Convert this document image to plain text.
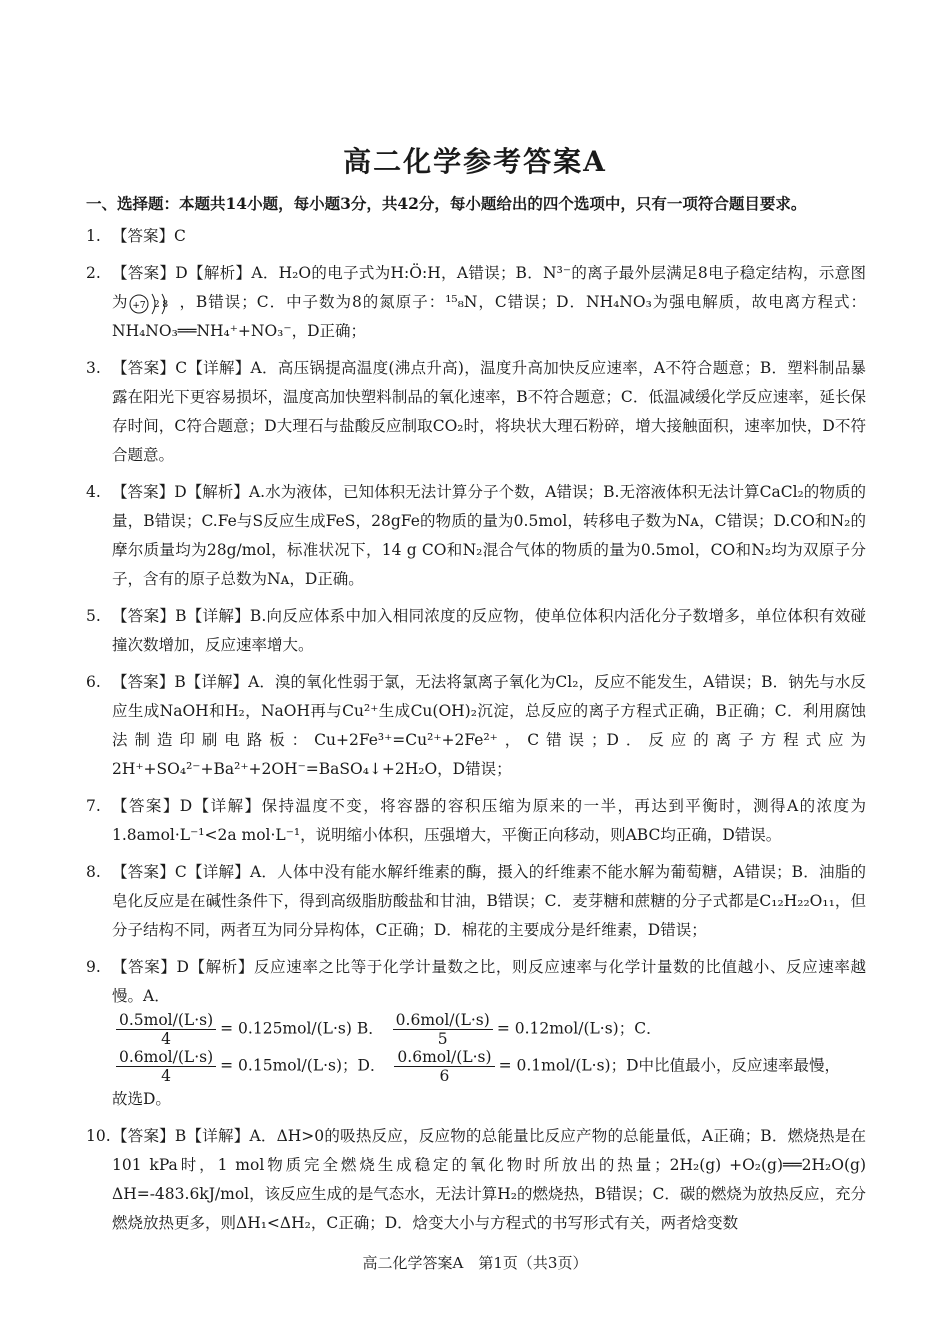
高二化学参考答案A
一、选择题：本题共14小题，每小题3分，共42分，每小题给出的四个选项中，只有一项符合题目要求。
1. 【答案】C
2. 【答案】D【解析】A．H₂O的电子式为H:Ö:H，A错误；B．N³⁻的离子最外层满足8电子稳定结构，示意图为 +7 2 8 ，B错误；C．中子数为8的氮原子：¹⁵₈N，C错误；D．NH₄NO₃为强电解质，故电离方程式：NH₄NO₃══NH₄⁺+NO₃⁻，D正确；
3. 【答案】C【详解】A．高压锅提高温度(沸点升高)，温度升高加快反应速率，A不符合题意；B．塑料制品暴露在阳光下更容易损坏，温度高加快塑料制品的氧化速率，B不符合题意；C．低温减缓化学反应速率，延长保存时间，C符合题意；D大理石与盐酸反应制取CO₂时，将块状大理石粉碎，增大接触面积，速率加快，D不符合题意。
4. 【答案】D【解析】A.水为液体，已知体积无法计算分子个数，A错误；B.无溶液体积无法计算CaCl₂的物质的量，B错误；C.Fe与S反应生成FeS，28gFe的物质的量为0.5mol，转移电子数为Nᴀ，C错误；D.CO和N₂的摩尔质量均为28g/mol，标准状况下，14 g CO和N₂混合气体的物质的量为0.5mol，CO和N₂均为双原子分子，含有的原子总数为Nᴀ，D正确。
5. 【答案】B【详解】B.向反应体系中加入相同浓度的反应物，使单位体积内活化分子数增多，单位体积有效碰撞次数增加，反应速率增大。
6. 【答案】B【详解】A．溴的氧化性弱于氯，无法将氯离子氧化为Cl₂，反应不能发生，A错误；B．钠先与水反应生成NaOH和H₂，NaOH再与Cu²⁺生成Cu(OH)₂沉淀，总反应的离子方程式正确，B正确；C．利用腐蚀法制造印刷电路板：Cu+2Fe³⁺=Cu²⁺+2Fe²⁺，C错误；D．反应的离子方程式应为2H⁺+SO₄²⁻+Ba²⁺+2OH⁻=BaSO₄↓+2H₂O，D错误；
7. 【答案】D【详解】保持温度不变，将容器的容积压缩为原来的一半，再达到平衡时，测得A的浓度为1.8amol·L⁻¹<2a mol·L⁻¹，说明缩小体积，压强增大，平衡正向移动，则ABC均正确，D错误。
8. 【答案】C【详解】A．人体中没有能水解纤维素的酶，摄入的纤维素不能水解为葡萄糖，A错误；B．油脂的皂化反应是在碱性条件下，得到高级脂肪酸盐和甘油，B错误；C．麦芽糖和蔗糖的分子式都是C₁₂H₂₂O₁₁，但分子结构不同，两者互为同分异构体，C正确；D．棉花的主要成分是纤维素，D错误；
9. 【答案】D【解析】反应速率之比等于化学计量数之比，则反应速率与化学计量数的比值越小、反应速率越慢。A．
$\frac{\text{0.5mol/(L·s)}}{4} = 0.125mol/(L\cdot s)$ B． $\frac{\text{0.6mol/(L·s)}}{5} = 0.12mol/(L\cdot s)$；C．
$\frac{\text{0.6mol/(L·s)}}{4} = 0.15mol/(L\cdot s)$；D． $\frac{\text{0.6mol/(L·s)}}{6} = 0.1mol/(L\cdot s)$；D中比值最小，反应速率最慢，
故选D。
10. 【答案】B【详解】A．ΔH>0的吸热反应，反应物的总能量比反应产物的总能量低，A正确；B．燃烧热是在101 kPa时，1 mol物质完全燃烧生成稳定的氧化物时所放出的热量；2H₂(g) +O₂(g)══2H₂O(g) ΔH=-483.6kJ/mol，该反应生成的是气态水，无法计算H₂的燃烧热，B错误；C．碳的燃烧为放热反应，充分燃烧放热更多，则ΔH₁<ΔH₂，C正确；D．焓变大小与方程式的书写形式有关，两者焓变数
高二化学答案A　第1页（共3页）
